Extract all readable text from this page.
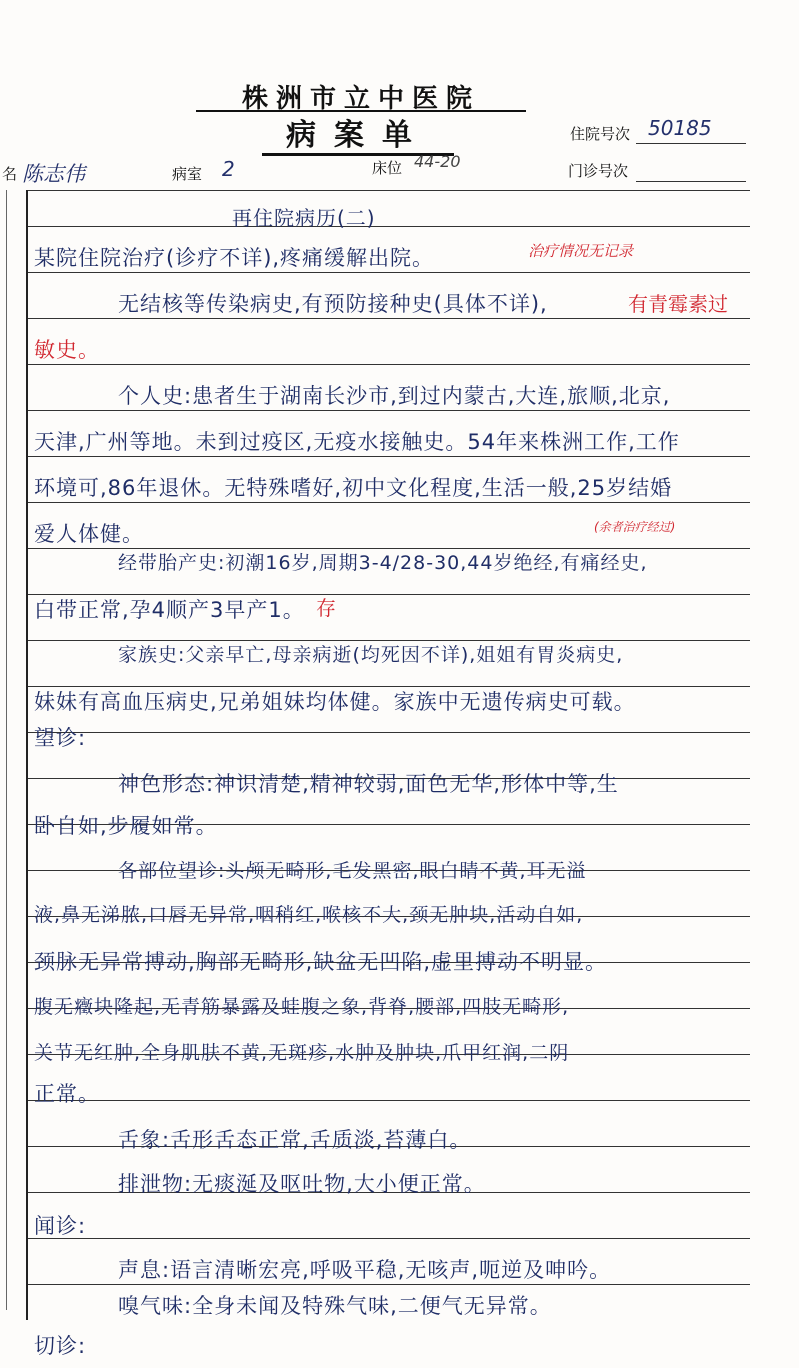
株洲市立中医院
病案单	住院号次 50185
名 陈志伟	病室 2	床位 44-20	门诊号次
再住院病历(二)
某院住院治疗(诊疗不详),疼痛缓解出院。	治疗情况无记录
无结核等传染病史,有预防接种史(具体不详),	有青霉素过
敏史。
个人史:患者生于湖南长沙市,到过内蒙古,大连,旅顺,北京,
天津,广州等地。未到过疫区,无疫水接触史。54年来株洲工作,工作
环境可,86年退休。无特殊嗜好,初中文化程度,生活一般,25岁结婚
爱人体健。	(余者治疗经过)
经带胎产史:初潮16岁,周期3-4/28-30,44岁绝经,有痛经史,
白带正常,孕4顺产3早产1。 存
家族史:父亲早亡,母亲病逝(均死因不详),姐姐有胃炎病史,
妹妹有高血压病史,兄弟姐妹均体健。家族中无遗传病史可载。
望诊:
神色形态:神识清楚,精神较弱,面色无华,形体中等,生
卧自如,步履如常。
各部位望诊:头颅无畸形,毛发黑密,眼白睛不黄,耳无溢
液,鼻无涕脓,口唇无异常,咽稍红,喉核不大,颈无肿块,活动自如,
颈脉无异常搏动,胸部无畸形,缺盆无凹陷,虚里搏动不明显。
腹无癥块隆起,无青筋暴露及蛙腹之象,背脊,腰部,四肢无畸形,
关节无红肿,全身肌肤不黄,无斑疹,水肿及肿块,爪甲红润,二阴
正常。
舌象:舌形舌态正常,舌质淡,苔薄白。
排泄物:无痰涎及呕吐物,大小便正常。
闻诊:
声息:语言清晰宏亮,呼吸平稳,无咳声,呃逆及呻吟。
嗅气味:全身未闻及特殊气味,二便气无异常。
切诊:
